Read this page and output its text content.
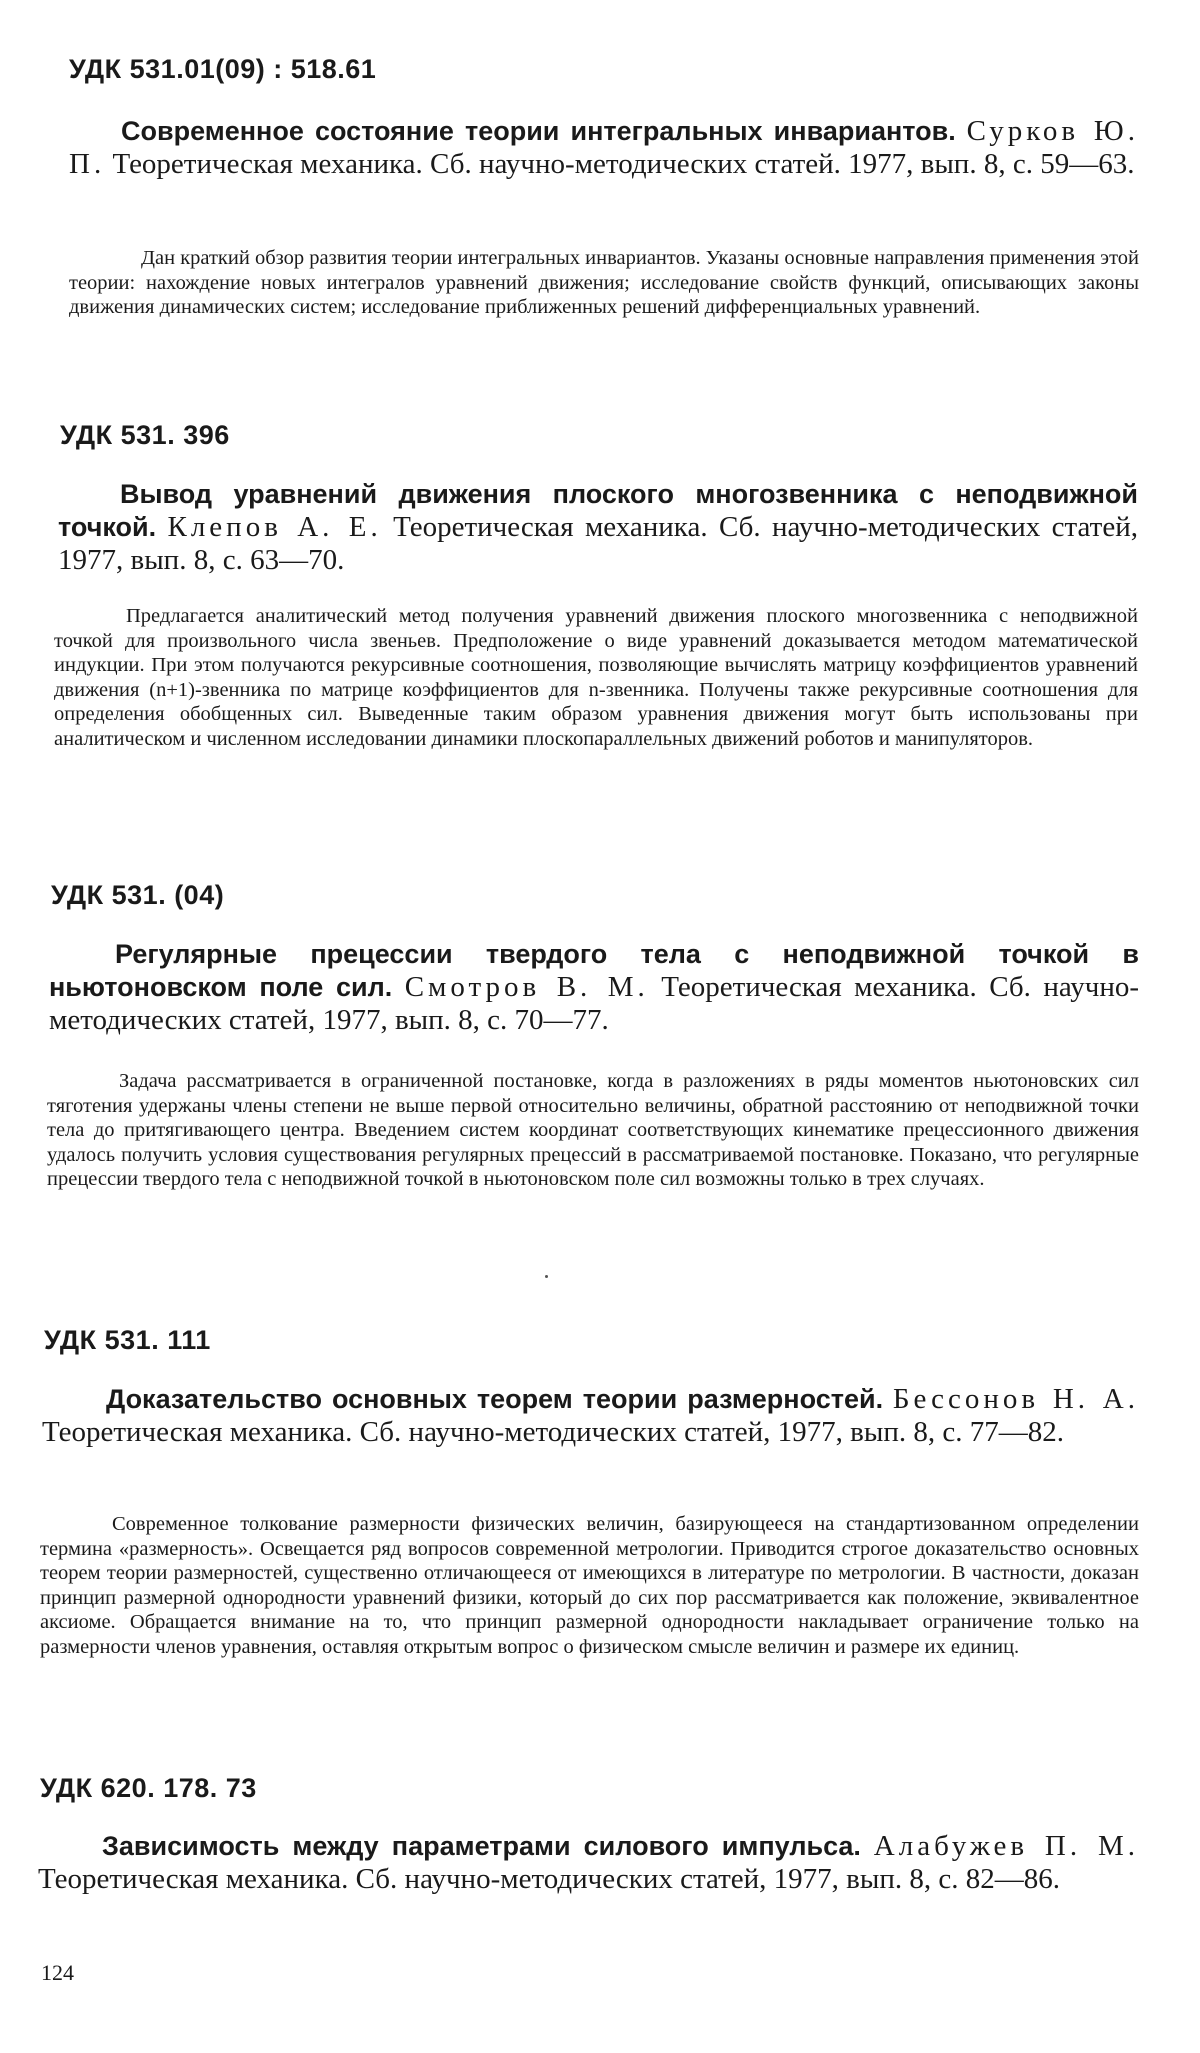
УДК 531.01(09) : 518.61
Современное состояние теории интегральных инвариантов. Сурков Ю. П. Теоретическая механика. Сб. научно-методических статей. 1977, вып. 8, с. 59—63.
Дан краткий обзор развития теории интегральных инвариантов. Указаны основные направления применения этой теории: нахождение новых интегралов уравнений движения; исследование свойств функций, описывающих законы движения динамических систем; исследование приближенных решений дифференциальных уравнений.
УДК 531. 396
Вывод уравнений движения плоского многозвенника с неподвижной точкой. Клепов А. Е. Теоретическая механика. Сб. научно-методических статей, 1977, вып. 8, с. 63—70.
Предлагается аналитический метод получения уравнений движения плоского многозвенника с неподвижной точкой для произвольного числа звеньев. Предположение о виде уравнений доказывается методом математической индукции. При этом получаются рекурсивные соотношения, позволяющие вычислять матрицу коэффициентов уравнений движения (n+1)-звенника по матрице коэффициентов для n-звенника. Получены также рекурсивные соотношения для определения обобщенных сил. Выведенные таким образом уравнения движения могут быть использованы при аналитическом и численном исследовании динамики плоскопараллельных движений роботов и манипуляторов.
УДК 531. (04)
Регулярные прецессии твердого тела с неподвижной точкой в ньютоновском поле сил. Смотров В. М. Теоретическая механика. Сб. научно-методических статей, 1977, вып. 8, с. 70—77.
Задача рассматривается в ограниченной постановке, когда в разложениях в ряды моментов ньютоновских сил тяготения удержаны члены степени не выше первой относительно величины, обратной расстоянию от неподвижной точки тела до притягивающего центра. Введением систем координат соответствующих кинематике прецессионного движения удалось получить условия существования регулярных прецессий в рассматриваемой постановке. Показано, что регулярные прецессии твердого тела с неподвижной точкой в ньютоновском поле сил возможны только в трех случаях.
УДК 531. 111
Доказательство основных теорем теории размерностей. Бессонов Н. А. Теоретическая механика. Сб. научно-методических статей, 1977, вып. 8, с. 77—82.
Современное толкование размерности физических величин, базирующееся на стандартизованном определении термина «размерность». Освещается ряд вопросов современной метрологии. Приводится строгое доказательство основных теорем теории размерностей, существенно отличающееся от имеющихся в литературе по метрологии. В частности, доказан принцип размерной однородности уравнений физики, который до сих пор рассматривается как положение, эквивалентное аксиоме. Обращается внимание на то, что принцип размерной однородности накладывает ограничение только на размерности членов уравнения, оставляя открытым вопрос о физическом смысле величин и размере их единиц.
УДК 620. 178. 73
Зависимость между параметрами силового импульса. Алабужев П. М. Теоретическая механика. Сб. научно-методических статей, 1977, вып. 8, с. 82—86.
124
